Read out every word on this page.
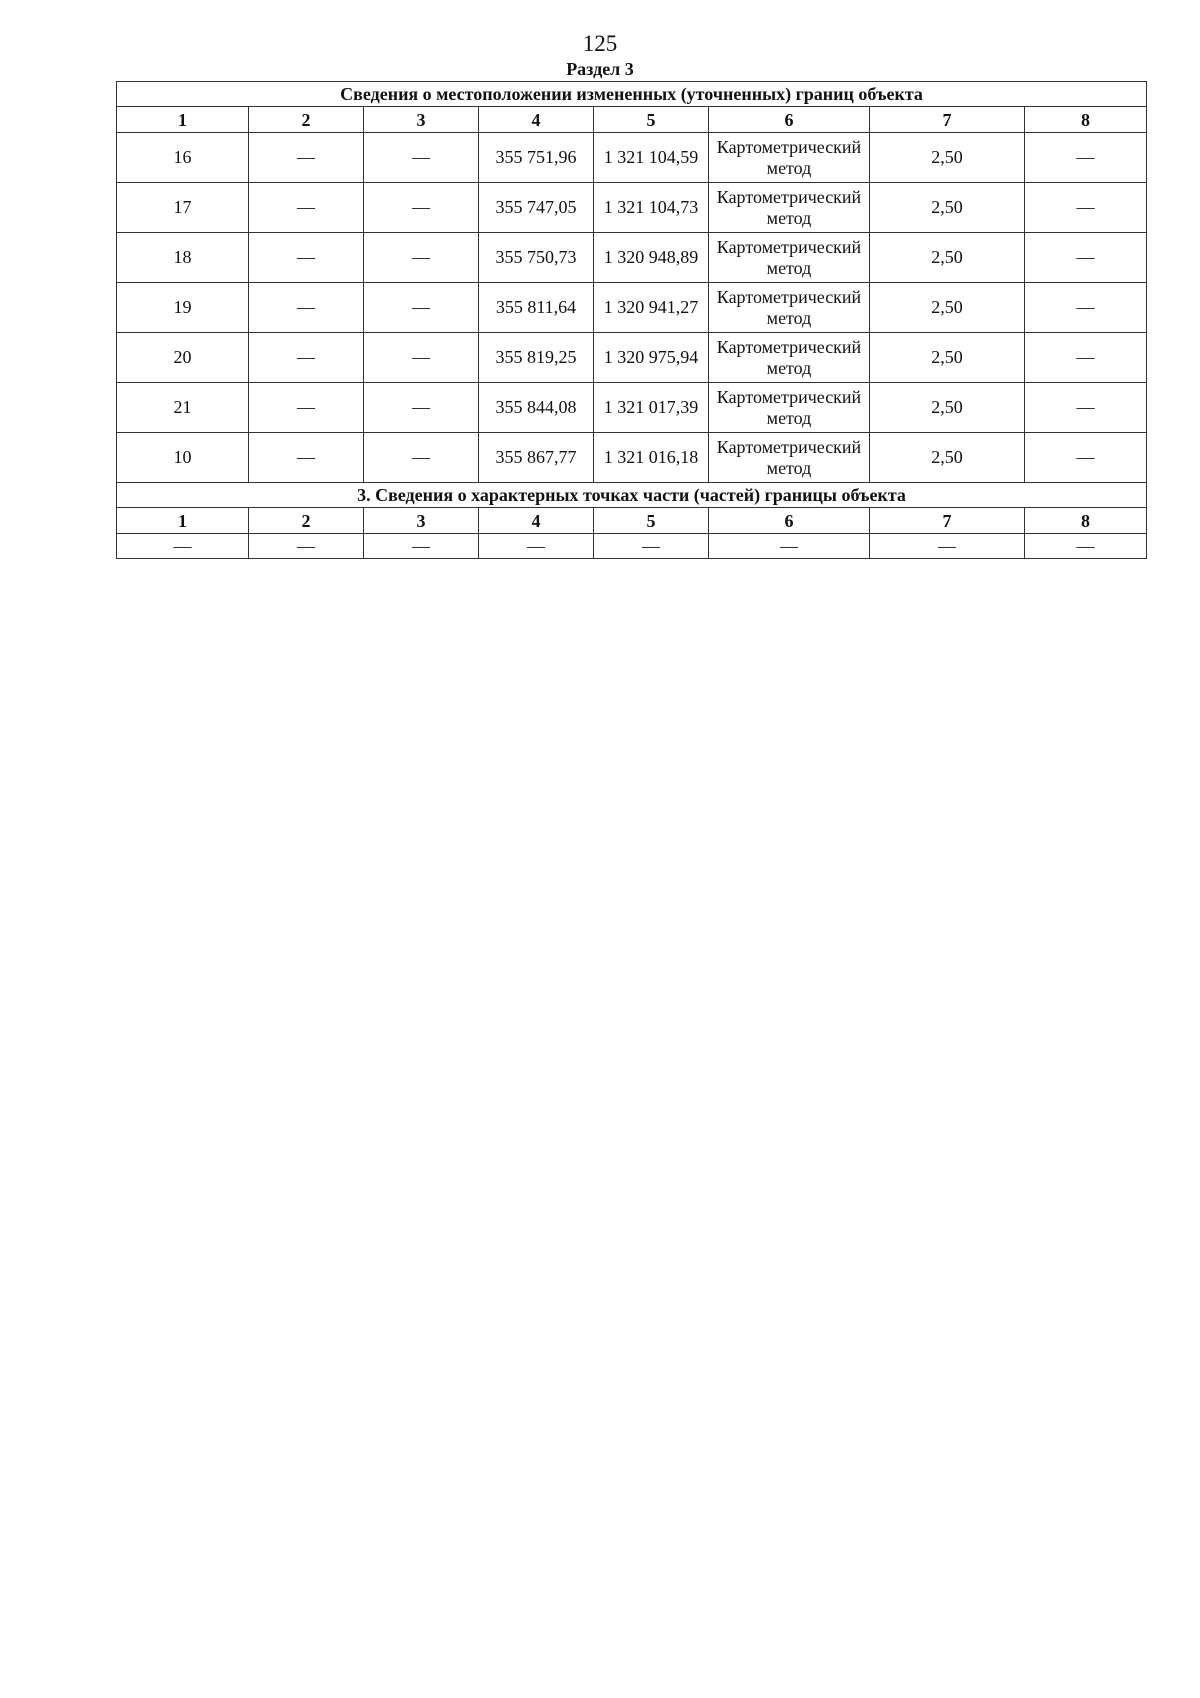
125
Раздел 3
Сведения о местоположении измененных (уточненных) границ объекта							
1	2	3	4	5	6	7	8
16	—	—	355 751,96	1 321 104,59	Картометрический метод	2,50	—
17	—	—	355 747,05	1 321 104,73	Картометрический метод	2,50	—
18	—	—	355 750,73	1 320 948,89	Картометрический метод	2,50	—
19	—	—	355 811,64	1 320 941,27	Картометрический метод	2,50	—
20	—	—	355 819,25	1 320 975,94	Картометрический метод	2,50	—
21	—	—	355 844,08	1 321 017,39	Картометрический метод	2,50	—
10	—	—	355 867,77	1 321 016,18	Картометрический метод	2,50	—
3. Сведения о характерных точках части (частей) границы объекта							
1	2	3	4	5	6	7	8
—	—	—	—	—	—	—	—
